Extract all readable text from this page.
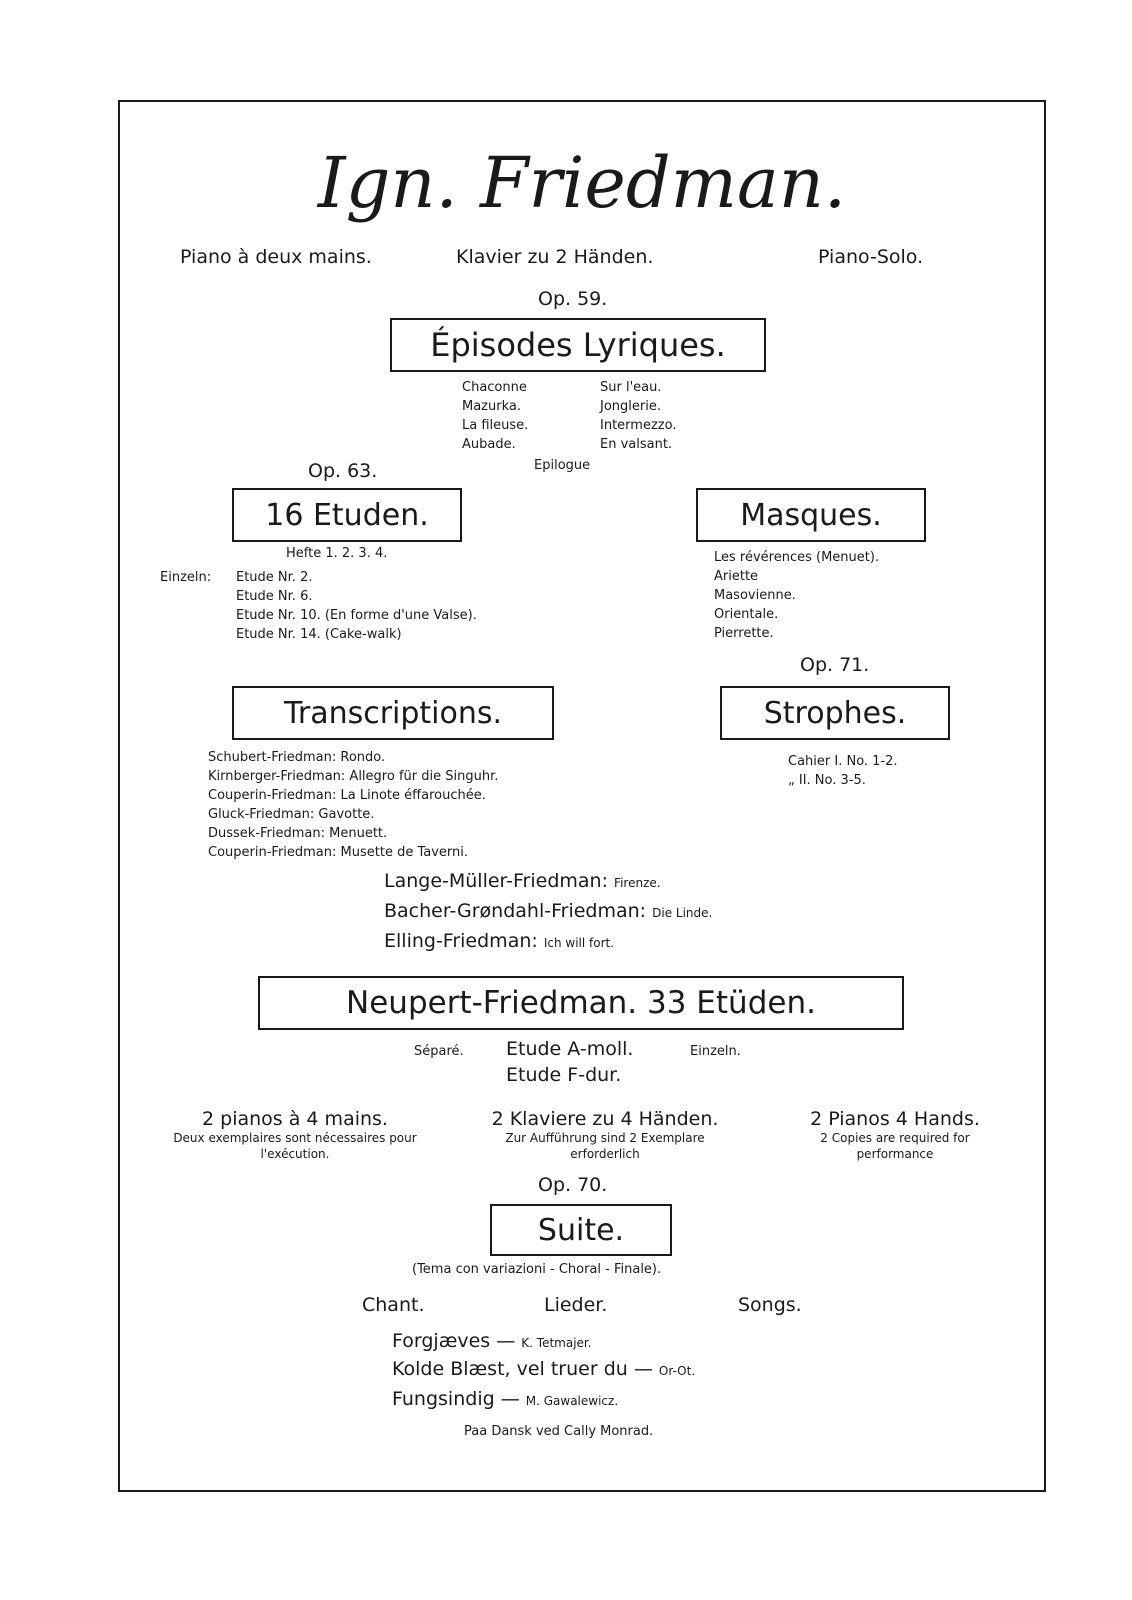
Ign. Friedman.
Piano à deux mains.	Klavier zu 2 Händen.	Piano-Solo.
Op. 59.
Épisodes Lyriques.
Chaconne
Mazurka.
La fileuse.
Aubade.
Sur l'eau.
Jonglerie.
Intermezzo.
En valsant.
Epilogue
Op. 63.
16 Etuden.
Hefte 1. 2. 3. 4.
Einzeln: Etude Nr. 2.
Etude Nr. 6.
Etude Nr. 10. (En forme d'une Valse).
Etude Nr. 14. (Cake-walk)
Masques.
Les révérences (Menuet).
Ariette
Masovienne.
Orientale.
Pierrette.
Op. 71.
Strophes.
Cahier I. No. 1-2.
„ II. No. 3-5.
Transcriptions.
Schubert-Friedman: Rondo.
Kirnberger-Friedman: Allegro für die Singuhr.
Couperin-Friedman: La Linote éffarouchée.
Gluck-Friedman: Gavotte.
Dussek-Friedman: Menuett.
Couperin-Friedman: Musette de Taverni.
Lange-Müller-Friedman: Firenze.
Bacher-Grøndahl-Friedman: Die Linde.
Elling-Friedman: Ich will fort.
Neupert-Friedman. 33 Etüden.
Séparé. Etude A-moll.	Einzeln.
Etude F-dur.
2 pianos à 4 mains.
Deux exemplaires sont nécessaires pour l'exécution.
2 Klaviere zu 4 Händen.
Zur Aufführung sind 2 Exemplare erforderlich
2 Pianos 4 Hands.
2 Copies are required for performance
Op. 70.
Suite.
(Tema con variazioni - Choral - Finale).
Chant.	Lieder.	Songs.
Forgjæves — K. Tetmajer.
Kolde Blæst, vel truer du — Or-Ot.
Fungsindig — M. Gawalewicz.
Paa Dansk ved Cally Monrad.
